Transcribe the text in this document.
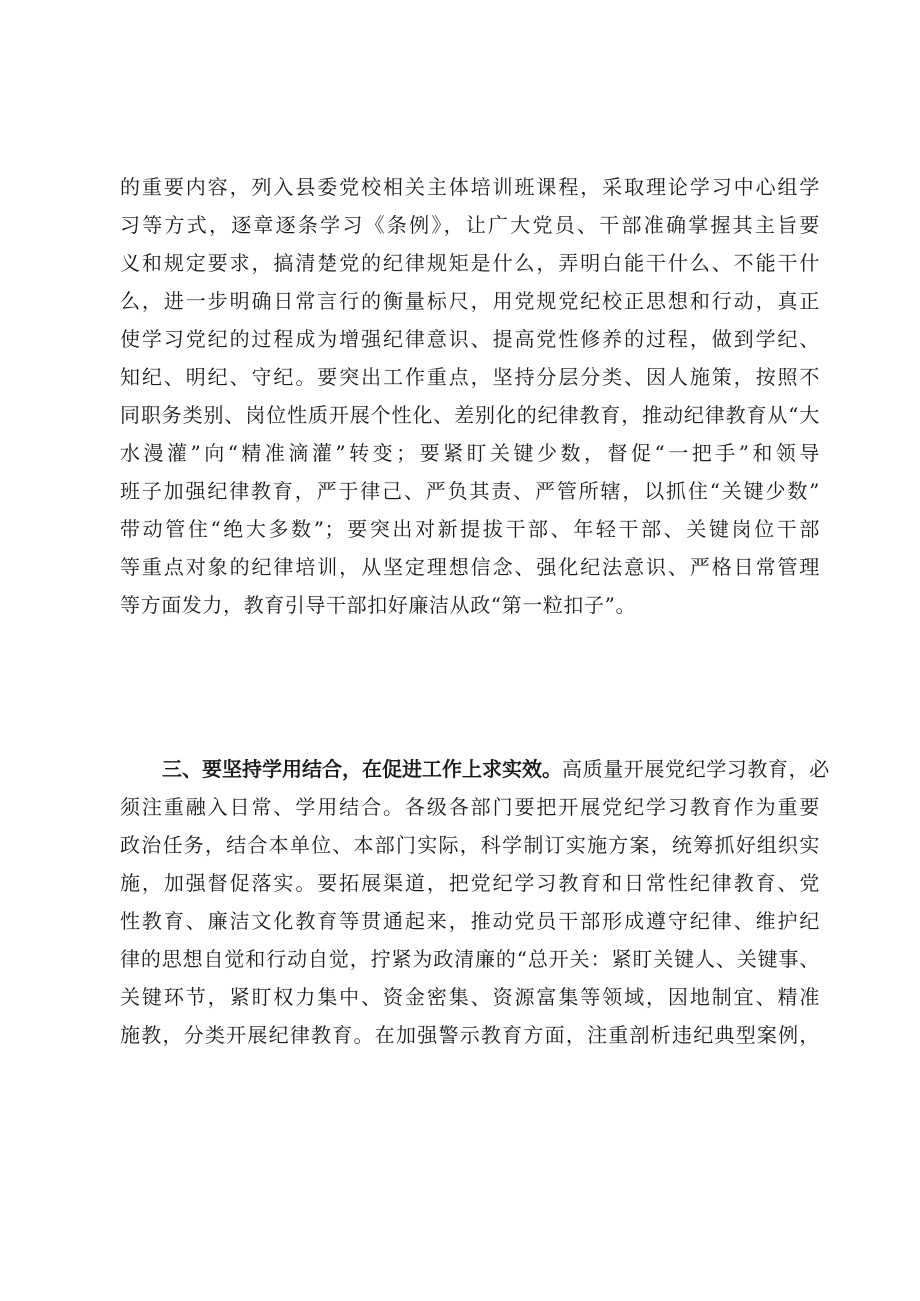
的重要内容，列入县委党校相关主体培训班课程，采取理论学习中心组学
习等方式，逐章逐条学习《条例》，让广大党员、干部准确掌握其主旨要
义和规定要求，搞清楚党的纪律规矩是什么，弄明白能干什么、不能干什
么，进一步明确日常言行的衡量标尺，用党规党纪校正思想和行动，真正
使学习党纪的过程成为增强纪律意识、提高党性修养的过程，做到学纪、
知纪、明纪、守纪。要突出工作重点，坚持分层分类、因人施策，按照不
同职务类别、岗位性质开展个性化、差别化的纪律教育，推动纪律教育从“大
水漫灌”向“精准滴灌”转变；要紧盯关键少数，督促“一把手”和领导
班子加强纪律教育，严于律己、严负其责、严管所辖，以抓住“关键少数”
带动管住“绝大多数”；要突出对新提拔干部、年轻干部、关键岗位干部
等重点对象的纪律培训，从坚定理想信念、强化纪法意识、严格日常管理
等方面发力，教育引导干部扣好廉洁从政“第一粒扣子”。
三、要坚持学用结合，在促进工作上求实效。高质量开展党纪学习教育，必
须注重融入日常、学用结合。各级各部门要把开展党纪学习教育作为重要
政治任务，结合本单位、本部门实际，科学制订实施方案，统筹抓好组织实
施，加强督促落实。要拓展渠道，把党纪学习教育和日常性纪律教育、党
性教育、廉洁文化教育等贯通起来，推动党员干部形成遵守纪律、维护纪
律的思想自觉和行动自觉，拧紧为政清廉的“总开关：紧盯关键人、关键事、
关键环节，紧盯权力集中、资金密集、资源富集等领域，因地制宜、精准
施教，分类开展纪律教育。在加强警示教育方面，注重剖析违纪典型案例，
